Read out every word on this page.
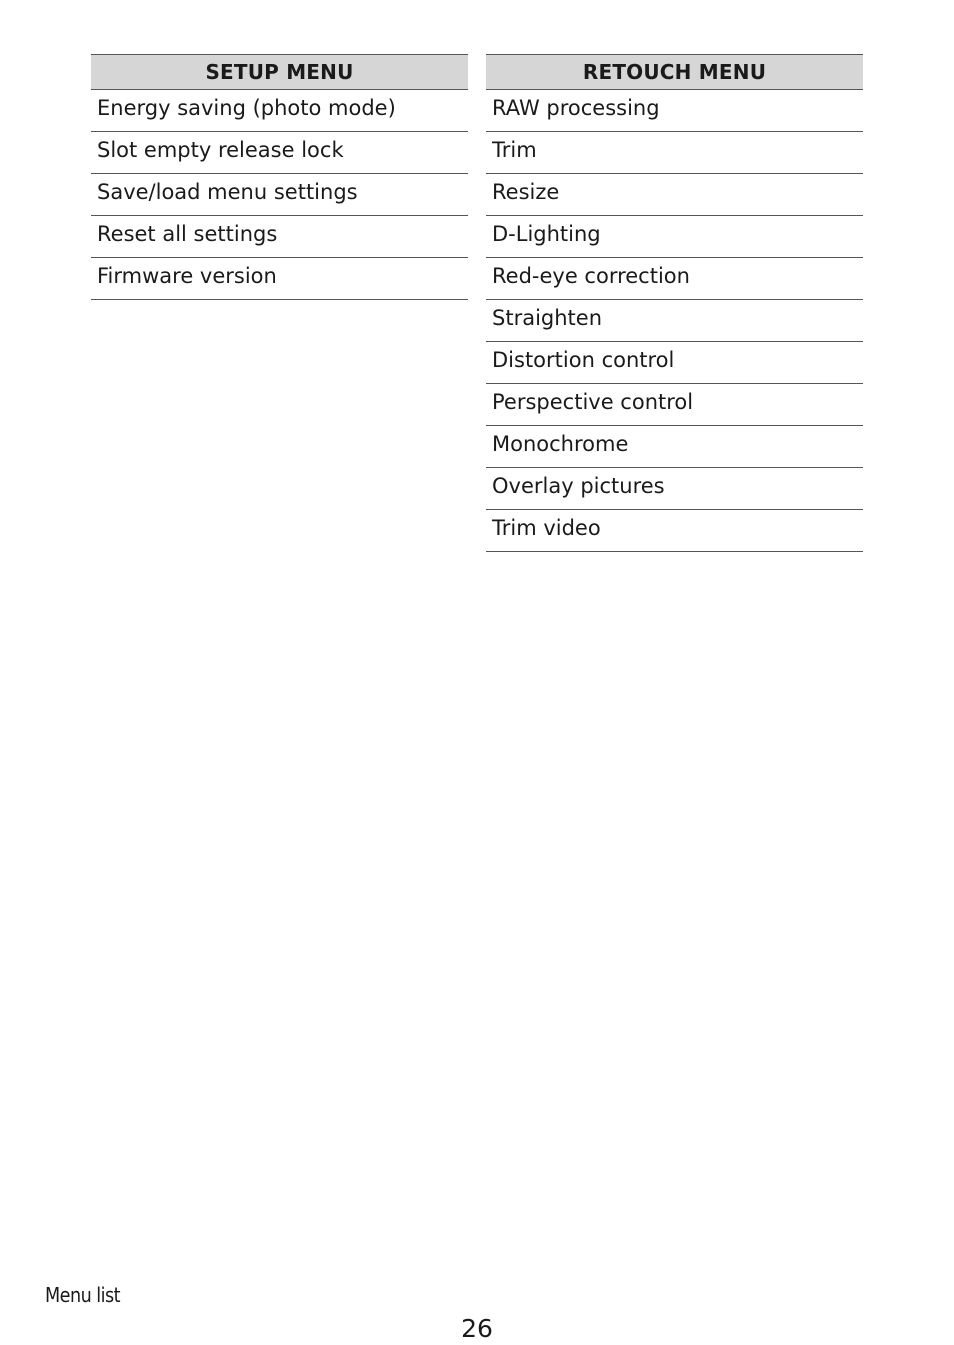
SETUP MENU
Energy saving (photo mode)
Slot empty release lock
Save/load menu settings
Reset all settings
Firmware version
RETOUCH MENU
RAW processing
Trim
Resize
D-Lighting
Red-eye correction
Straighten
Distortion control
Perspective control
Monochrome
Overlay pictures
Trim video
Menu list
26
